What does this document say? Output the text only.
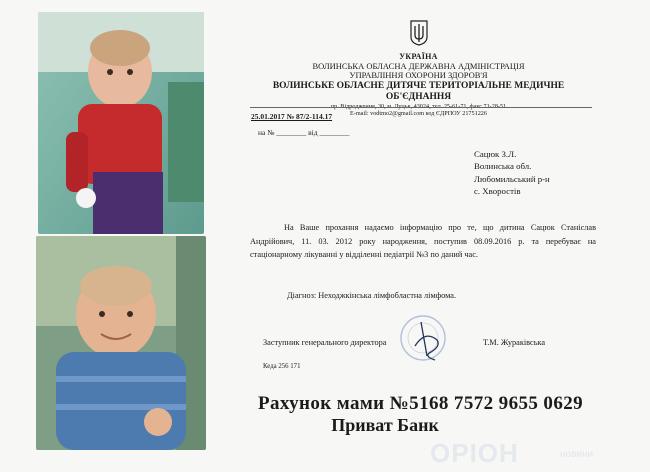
УКРАЇНА
ВОЛИНСЬКА ОБЛАСНА ДЕРЖАВНА АДМІНІСТРАЦІЯ
УПРАВЛІННЯ ОХОРОНИ ЗДОРОВ'Я
ВОЛИНСЬКЕ ОБЛАСНЕ ДИТЯЧЕ ТЕРИТОРІАЛЬНЕ МЕДИЧНЕ ОБ'ЄДНАННЯ
пр. Відродження, 30, м. Луцьк, 43024, тел. 25-61-71, факс 71-28-51
E-mail: vodtmo2@gmail.com код ЄДРПОУ 21751226
25.01.2017 № 87/2-114.17
на № ________ від ________
Сацюк З.Л.
Волинська обл.
Любомильський р-н
с. Хворостів
На Ваше прохання надаємо інформацію про те, що дитина Сацюк Станіслав Андрійович, 11. 03. 2012 року народження, поступив 08.09.2016 р. та перебуває на стаціонарному лікуванні у відділенні педіатрії №3 по даний час.
Діагноз: Неходжкінська лімфобластна лімфома.
Заступник генерального директора	Т.М. Жураківська
Кеда 256 171
Рахунок мами №5168 7572 9655 0629
Приват Банк
ОРІОН	новини
